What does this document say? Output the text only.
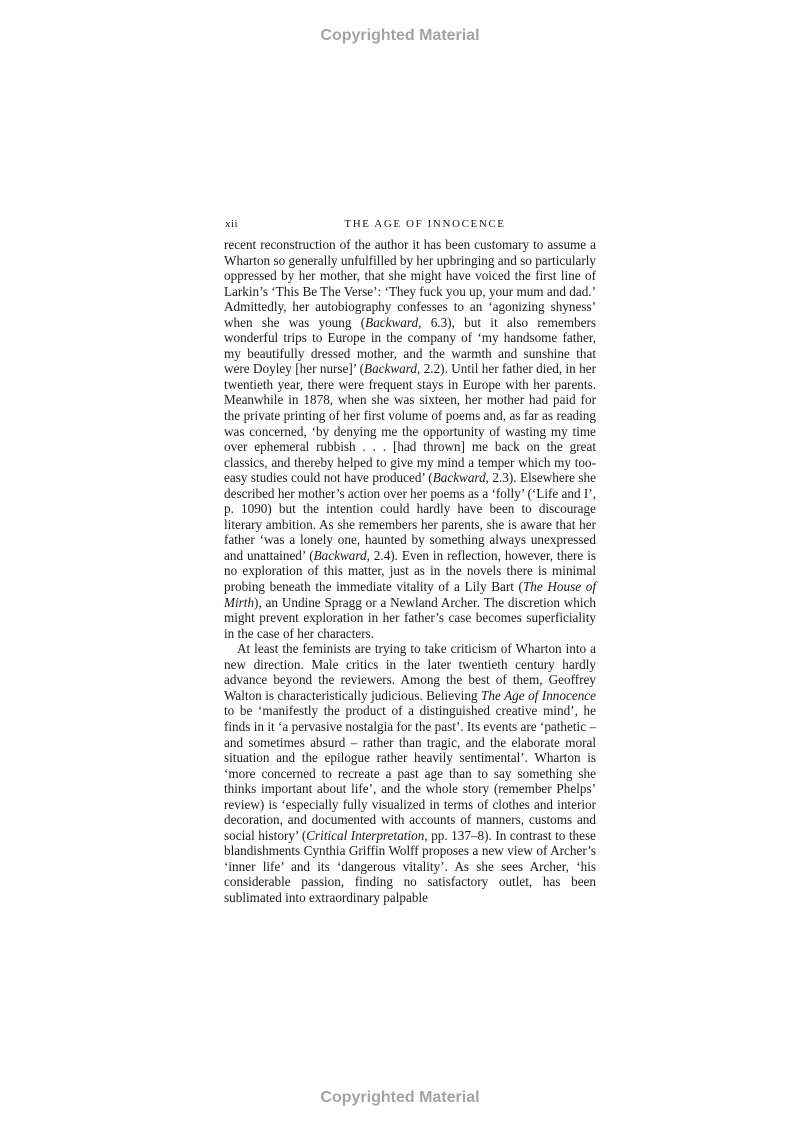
Copyrighted Material
xii	THE AGE OF INNOCENCE

recent reconstruction of the author it has been customary to assume a Wharton so generally unfulfilled by her upbringing and so particularly oppressed by her mother, that she might have voiced the first line of Larkin’s ‘This Be The Verse’: ‘They fuck you up, your mum and dad.’ Admittedly, her autobiography confesses to an ‘agonizing shyness’ when she was young (Backward, 6.3), but it also remembers wonderful trips to Europe in the company of ‘my handsome father, my beautifully dressed mother, and the warmth and sunshine that were Doyley [her nurse]’ (Backward, 2.2). Until her father died, in her twentieth year, there were frequent stays in Europe with her parents. Meanwhile in 1878, when she was sixteen, her mother had paid for the private printing of her first volume of poems and, as far as reading was concerned, ‘by denying me the opportunity of wasting my time over ephemeral rubbish . . . [had thrown] me back on the great classics, and thereby helped to give my mind a temper which my too-easy studies could not have produced’ (Backward, 2.3). Elsewhere she described her mother’s action over her poems as a ‘folly’ (‘Life and I’, p. 1090) but the intention could hardly have been to discourage literary ambition. As she remembers her parents, she is aware that her father ‘was a lonely one, haunted by something always unexpressed and unattained’ (Backward, 2.4). Even in reflection, however, there is no exploration of this matter, just as in the novels there is minimal probing beneath the immediate vitality of a Lily Bart (The House of Mirth), an Undine Spragg or a Newland Archer. The discretion which might prevent exploration in her father’s case becomes superficiality in the case of her characters.

At least the feminists are trying to take criticism of Wharton into a new direction. Male critics in the later twentieth century hardly advance beyond the reviewers. Among the best of them, Geoffrey Walton is characteristically judicious. Believing The Age of Innocence to be ‘manifestly the product of a distinguished creative mind’, he finds in it ‘a pervasive nostalgia for the past’. Its events are ‘pathetic – and sometimes absurd – rather than tragic, and the elaborate moral situation and the epilogue rather heavily sentimental’. Wharton is ‘more concerned to recreate a past age than to say something she thinks important about life’, and the whole story (remember Phelps’ review) is ‘especially fully visualized in terms of clothes and interior decoration, and documented with accounts of manners, customs and social history’ (Critical Interpretation, pp. 137–8). In contrast to these blandishments Cynthia Griffin Wolff proposes a new view of Archer’s ‘inner life’ and its ‘dangerous vitality’. As she sees Archer, ‘his considerable passion, finding no satisfactory outlet, has been sublimated into extraordinary palpable

Copyrighted Material
